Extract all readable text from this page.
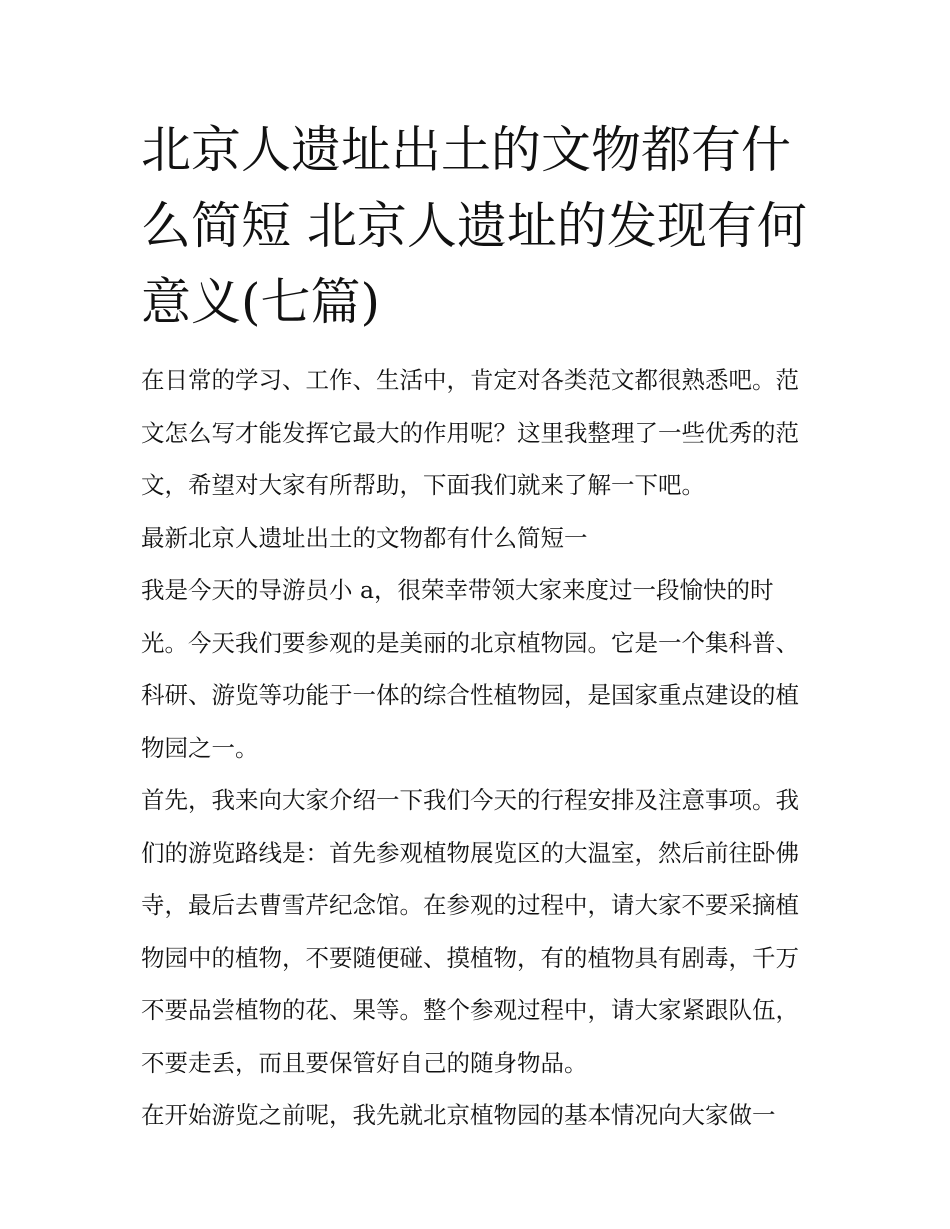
北京人遗址出土的文物都有什么简短 北京人遗址的发现有何意义(七篇)

在日常的学习、工作、生活中，肯定对各类范文都很熟悉吧。范文怎么写才能发挥它最大的作用呢？这里我整理了一些优秀的范文，希望对大家有所帮助，下面我们就来了解一下吧。

最新北京人遗址出土的文物都有什么简短一

我是今天的导游员小 a，很荣幸带领大家来度过一段愉快的时光。今天我们要参观的是美丽的北京植物园。它是一个集科普、科研、游览等功能于一体的综合性植物园，是国家重点建设的植物园之一。

首先，我来向大家介绍一下我们今天的行程安排及注意事项。我们的游览路线是：首先参观植物展览区的大温室，然后前往卧佛寺，最后去曹雪芹纪念馆。在参观的过程中，请大家不要采摘植物园中的植物，不要随便碰、摸植物，有的植物具有剧毒，千万不要品尝植物的花、果等。整个参观过程中，请大家紧跟队伍，不要走丢，而且要保管好自己的随身物品。

在开始游览之前呢，我先就北京植物园的基本情况向大家做一
